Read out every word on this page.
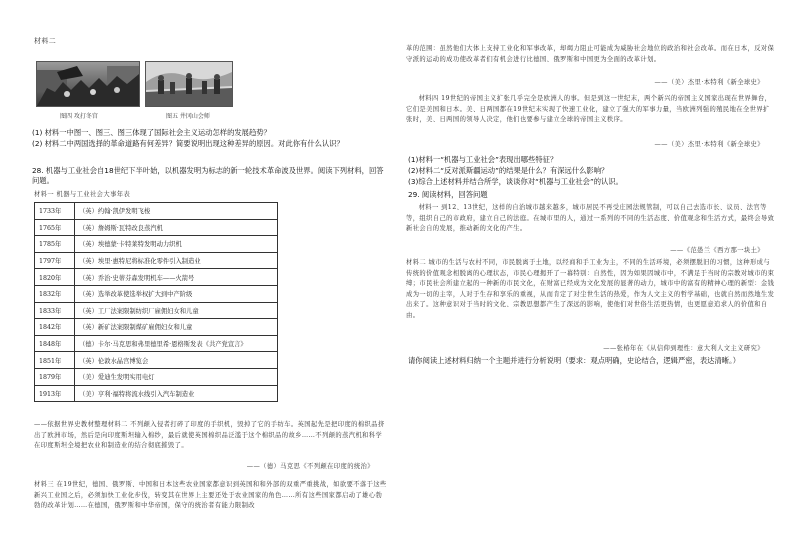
材料二
图四 攻打冬宫	图五 井冈山会师
(1) 材料一中图一、图三、图三体现了国际社会主义运动怎样的发展趋势？
(2) 材料二中两国选择的革命道路有何差异？简要说明出现这种差异的原因。对此你有什么认识？
28. 机器与工业社会自18世纪下半叶始，以机器发明为标志的新一轮技术革命波及世界。阅读下列材料，回答问题。
材料一 机器与工业社会大事年表
1733年	（英）约翰·凯伊发明飞梭
1765年	（英）詹姆斯·瓦特改良蒸汽机
1785年	（英）埃德蒙·卡特莱特发明动力织机
1797年	（英）埃里·惠特尼将标准化零件引入制造业
1820年	（英）乔治·史蒂芬森发明机车——火箭号
1832年	（英）选举改革使选举权扩大到中产阶级
1833年	（英）工厂法案限制纺织厂雇佣妇女和儿童
1842年	（英）新矿法案限制煤矿雇佣妇女和儿童
1848年	（德）卡尔·马克思和弗里德里希·恩格斯发表《共产党宣言》
1851年	（英）伦敦水晶宫博览会
1879年	（美）爱迪生发明实用电灯
1913年	（美）亨利·福特将流水线引入汽车制造业
——依据世界史教材整理材料二 不列颠入侵者打碎了印度的手织机，毁掉了它的手纺车。英国起先是把印度的棉织品挤出了欧洲市场，然后是向印度斯坦输入棉纱，最后就使英国棉织品泛滥于这个棉织品的故乡……不列颠的蒸汽机和科学在印度斯坦全境把农业和制造业的结合彻底摧毁了。
——（德）马克思《不列颠在印度的统治》
材料三 在19世纪，德国、俄罗斯、中国和日本这些农业国家都意识到英国和和外部的双重严重挑战，如欲要不落于这些新兴工业国之后，必须加快工业化步伐，转变其在世界上主要还处于农业国家的角色……所有这些国家都启动了雄心勃勃的改革计划……在德国，俄罗斯和中华帝国，保守的统治者有能力限制改
革的范围：虽然他们大体上支持工业化和军事改革，却竭力阻止可能成为威胁社会地位的政治和社会改革。而在日本，反对保守派的运动的成功使改革者们有机会进行比德国、俄罗斯和中国更为全面的改革计划。
——（美）杰里·本特利《新全球史》
材料四 19世纪的帝国主义扩张几乎完全是欧洲人的事。但是到这一世纪末，两个新兴的帝国主义国家出现在世界舞台，它们是美国和日本。美、日两国都在19世纪末实现了快速工业化，建立了强大的军事力量，当欧洲列强的殖民地在全世界扩张时，美、日两国的领导人决定，他们也要参与建立全球的帝国主义秩序。
——（美）杰里·本特利《新全球史》
(1)材料一“机器与工业社会”表现出哪些特征？
(2)材料二“反对派斯疆运动”的结果是什么？有深远什么影响？
(3)综合上述材料并结合所学，谈谈你对“机器与工业社会”的认识。
29. 阅读材料，回答问题
材料一 到12、13世纪，这样的自治城市越来越多，城市居民不再受庄园法规管制，可以自己去选市长、议员、法官等等，组织自己的市政府，建立自己的法庭。在城市里的人，通过一系列的不同的生活态度、价值观念和生活方式，最终会导致新社会自的发展，推动新的文化的产生。
——《范愚兰《西方那一块土》
材料二 城市的生活与农村不同，市民脱离于土地，以经商和手工业为主，不同的生活环境，必须摆脱旧的习惯，这种形成与传统的价值观念相脱离的心理状态，市民心理揭开了一幕特别：自然性，因为如果因城市中，不满足于当时的宗教对城市的束缚；市民社会所建立起的一种新的市民文化，在财富已经成为文化发展的显著的动力，城市中的富有的精神心理的新型：金钱成为一切的主宰，人对于生存和享乐的重视，从而肯定了对尘世生活的热爱，作为人文主义的哲学基础，也就自然而然地生发出来了。这种意识对于当时的文化、宗教思想都产生了深远的影响，使他们对世俗生活更热情，也更愿意追求人的价值和自由。
——张椿年在《从信仰到理性：意大利人文主义研究》
请你阅读上述材料归纳一个主题并进行分析说明（要求：观点明确，史论结合，逻辑严密，表达清晰。）
